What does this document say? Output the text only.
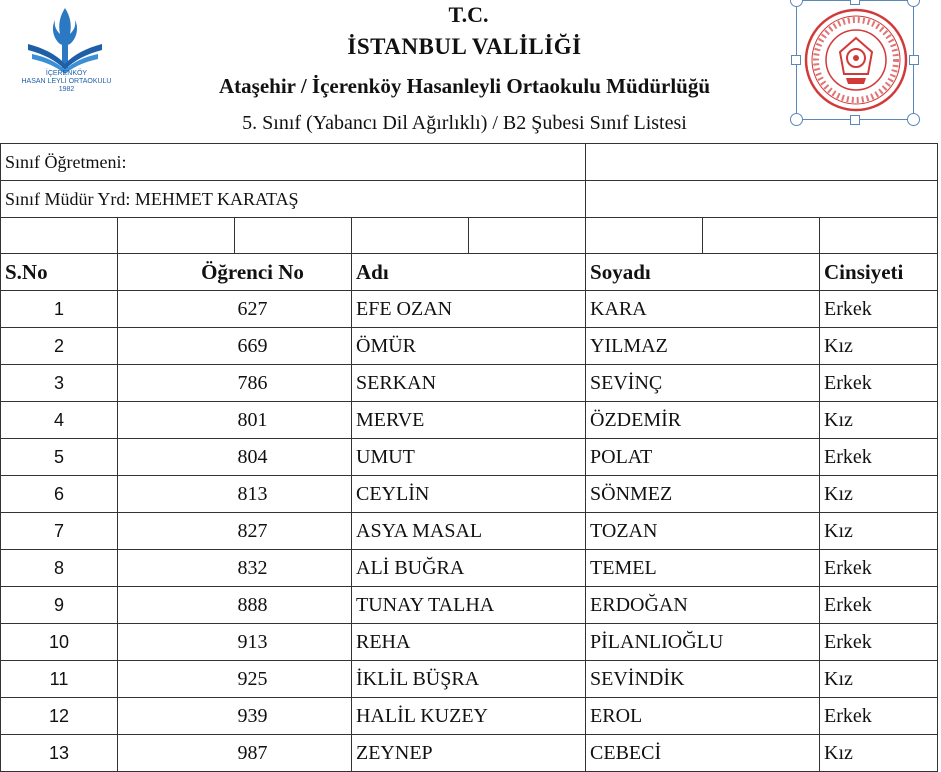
İÇERENKÖY
HASAN LEYLİ ORTAOKULU
1982
T.C.
İSTANBUL VALİLİĞİ
Ataşehir / İçerenköy Hasanleyli Ortaokulu Müdürlüğü
5. Sınıf (Yabancı Dil Ağırlıklı) / B2 Şubesi Sınıf Listesi
Sınıf Öğretmeni:							
Sınıf Müdür Yrd: MEHMET KARATAŞ							

S.No	Öğrenci No		Adı		Soyadı		Cinsiyeti
1	627		EFE OZAN		KARA		Erkek
2	669		ÖMÜR		YILMAZ		Kız
3	786		SERKAN		SEVİNÇ		Erkek
4	801		MERVE		ÖZDEMİR		Kız
5	804		UMUT		POLAT		Erkek
6	813		CEYLİN		SÖNMEZ		Kız
7	827		ASYA MASAL		TOZAN		Kız
8	832		ALİ BUĞRA		TEMEL		Erkek
9	888		TUNAY TALHA		ERDOĞAN		Erkek
10	913		REHA		PİLANLIOĞLU		Erkek
11	925		İKLİL BÜŞRA		SEVİNDİK		Kız
12	939		HALİL KUZEY		EROL		Erkek
13	987		ZEYNEP		CEBECİ		Kız
